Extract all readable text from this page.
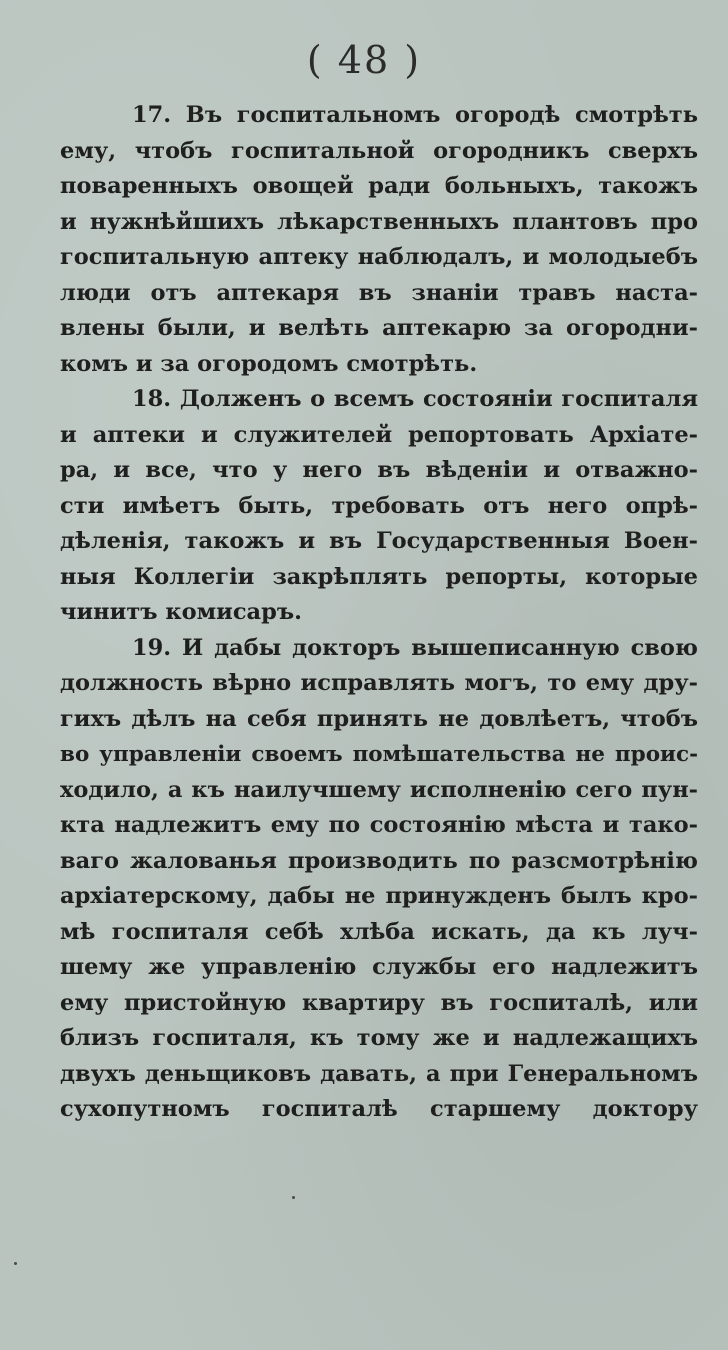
( 48 )
17. Въ госпитальномъ огородѣ смотрѣть
ему, чтобъ госпитальной огородникъ сверхъ
поваренныхъ овощей ради больныхъ, такожъ
и нужнѣйшихъ лѣкарственныхъ плантовъ про
госпитальную аптеку наблюдалъ, и молодыебъ
люди отъ аптекаря въ знанiи травъ наста-
влены были, и велѣть аптекарю за огородни-
комъ и за огородомъ смотрѣть.
18. Долженъ о всемъ состоянiи госпиталя
и аптеки и служителей репортовать Архiатe-
ра, и все, что у него въ вѣденiи и отважно-
сти имѣетъ быть, требовать отъ него опрѣ-
дѣленiя, такожъ и въ Государственныя Воен-
ныя Коллегiи закрѣплять репорты, которые
чинитъ комисаръ.
19. И дабы докторъ вышеписанную свою
должность вѣрно исправлять могъ, то ему дру-
гихъ дѣлъ на себя принять не довлѣетъ, чтобъ
во управленiи своемъ помѣшательства не проис-
ходило, а къ наилучшему исполненiю сего пун-
кта надлежитъ ему по состоянiю мѣста и такo-
ваго жалованья производить по разсмотрѣнiю
архiатерскому, дабы не принужденъ былъ кро-
мѣ госпиталя себѣ хлѣба искать, да къ луч-
шему же управленiю службы его надлежитъ
ему пристойную квартиру въ госпиталѣ, или
близъ госпиталя, къ тому же и надлежащихъ
двухъ деньщиковъ давать, а при Генеральномъ
сухопутномъ госпиталѣ старшему доктору
